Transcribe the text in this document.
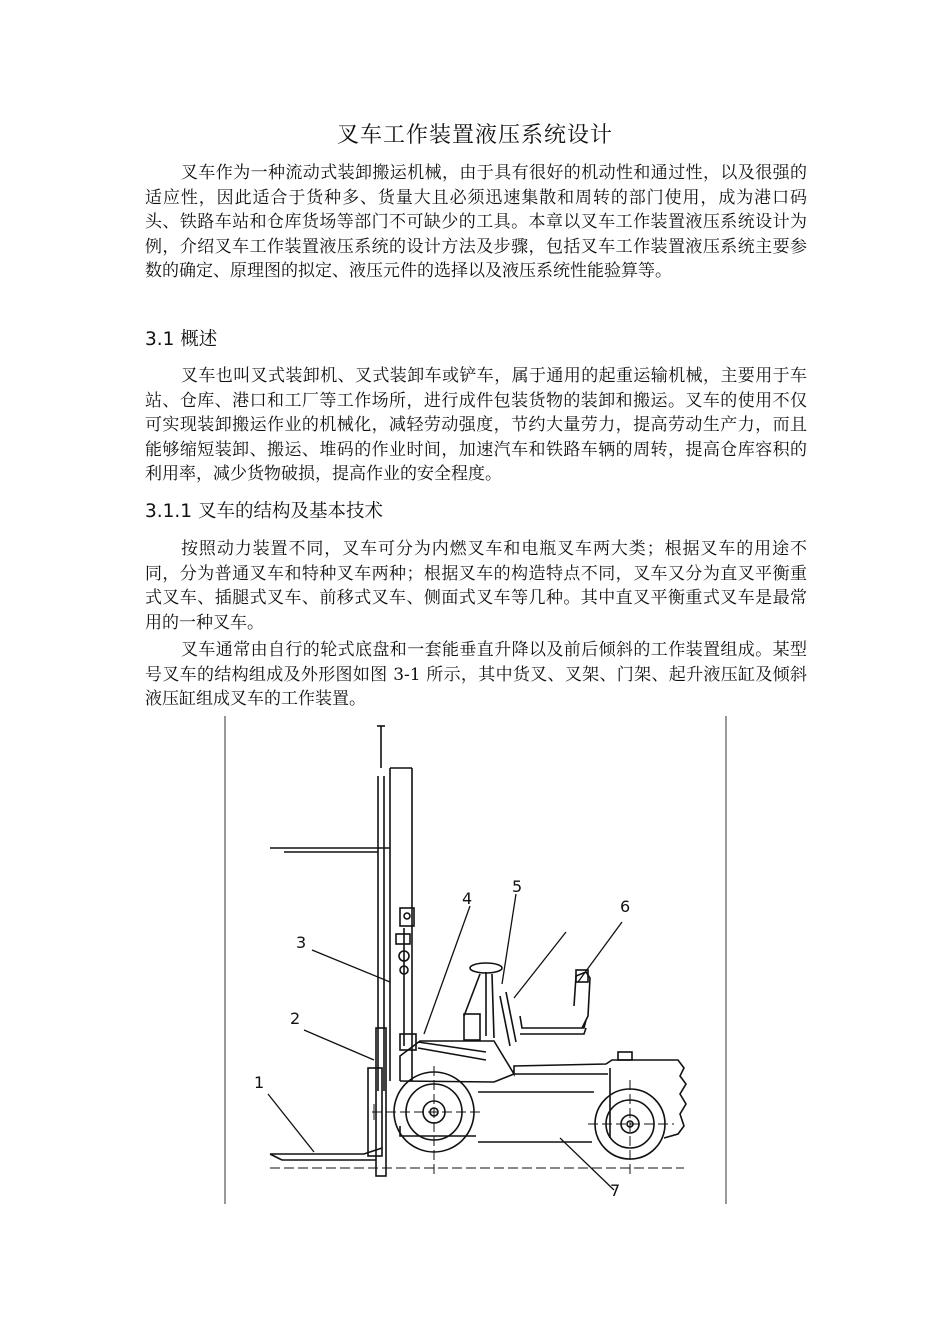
叉车工作装置液压系统设计

叉车作为一种流动式装卸搬运机械，由于具有很好的机动性和通过性，以及很强的适应性，因此适合于货种多、货量大且必须迅速集散和周转的部门使用，成为港口码头、铁路车站和仓库货场等部门不可缺少的工具。本章以叉车工作装置液压系统设计为例，介绍叉车工作装置液压系统的设计方法及步骤，包括叉车工作装置液压系统主要参数的确定、原理图的拟定、液压元件的选择以及液压系统性能验算等。

3.1 概述

叉车也叫叉式装卸机、叉式装卸车或铲车，属于通用的起重运输机械，主要用于车站、仓库、港口和工厂等工作场所，进行成件包装货物的装卸和搬运。叉车的使用不仅可实现装卸搬运作业的机械化，减轻劳动强度，节约大量劳力，提高劳动生产力，而且能够缩短装卸、搬运、堆码的作业时间，加速汽车和铁路车辆的周转，提高仓库容积的利用率，减少货物破损，提高作业的安全程度。

3.1.1 叉车的结构及基本技术

按照动力装置不同，叉车可分为内燃叉车和电瓶叉车两大类；根据叉车的用途不同，分为普通叉车和特种叉车两种；根据叉车的构造特点不同，叉车又分为直叉平衡重式叉车、插腿式叉车、前移式叉车、侧面式叉车等几种。其中直叉平衡重式叉车是最常用的一种叉车。

叉车通常由自行的轮式底盘和一套能垂直升降以及前后倾斜的工作装置组成。某型号叉车的结构组成及外形图如图 3-1 所示，其中货叉、叉架、门架、起升液压缸及倾斜液压缸组成叉车的工作装置。

1
2
3
4
5
6
7
